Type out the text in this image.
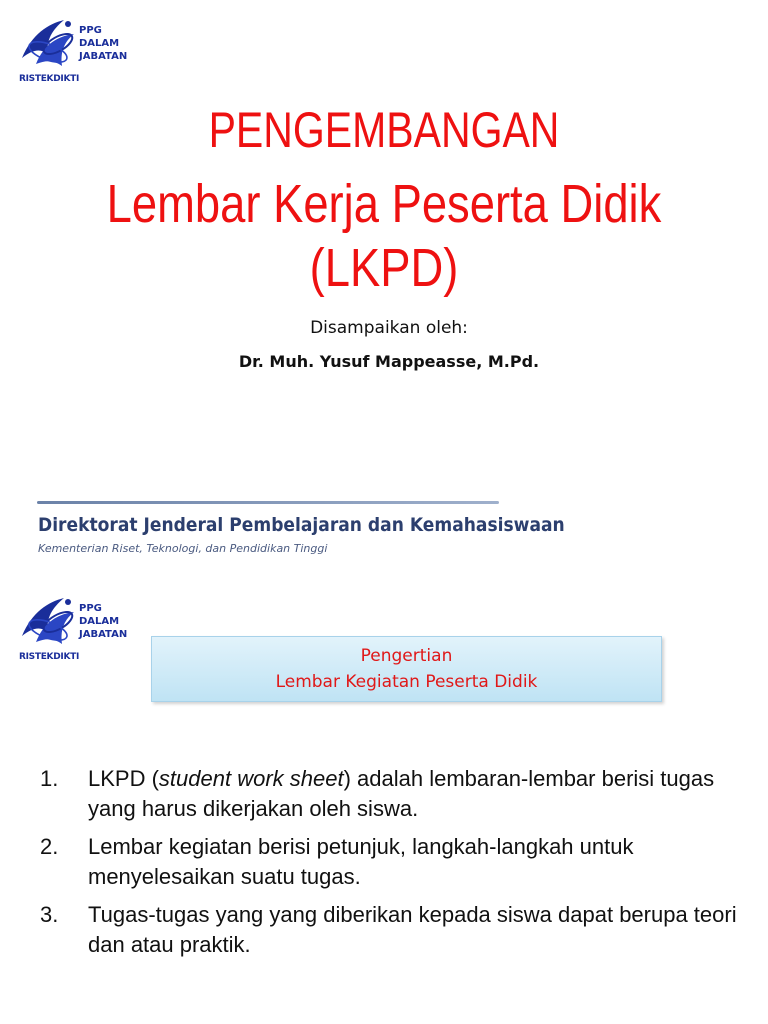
PPG
DALAM
JABATAN
RISTEKDIKTI
PENGEMBANGAN
Lembar Kerja Peserta Didik (LKPD)
Disampaikan oleh:
Dr. Muh. Yusuf Mappeasse, M.Pd.
Direktorat Jenderal Pembelajaran dan Kemahasiswaan
Kementerian Riset, Teknologi, dan Pendidikan Tinggi
PPG
DALAM
JABATAN
RISTEKDIKTI	Pengertian
Lembar Kegiatan Peserta Didik
1. LKPD (student work sheet) adalah lembaran-lembar berisi tugas yang harus dikerjakan oleh siswa.
2. Lembar kegiatan berisi petunjuk, langkah-langkah untuk menyelesaikan suatu tugas.
3. Tugas-tugas yang yang diberikan kepada siswa dapat berupa teori dan atau praktik.
